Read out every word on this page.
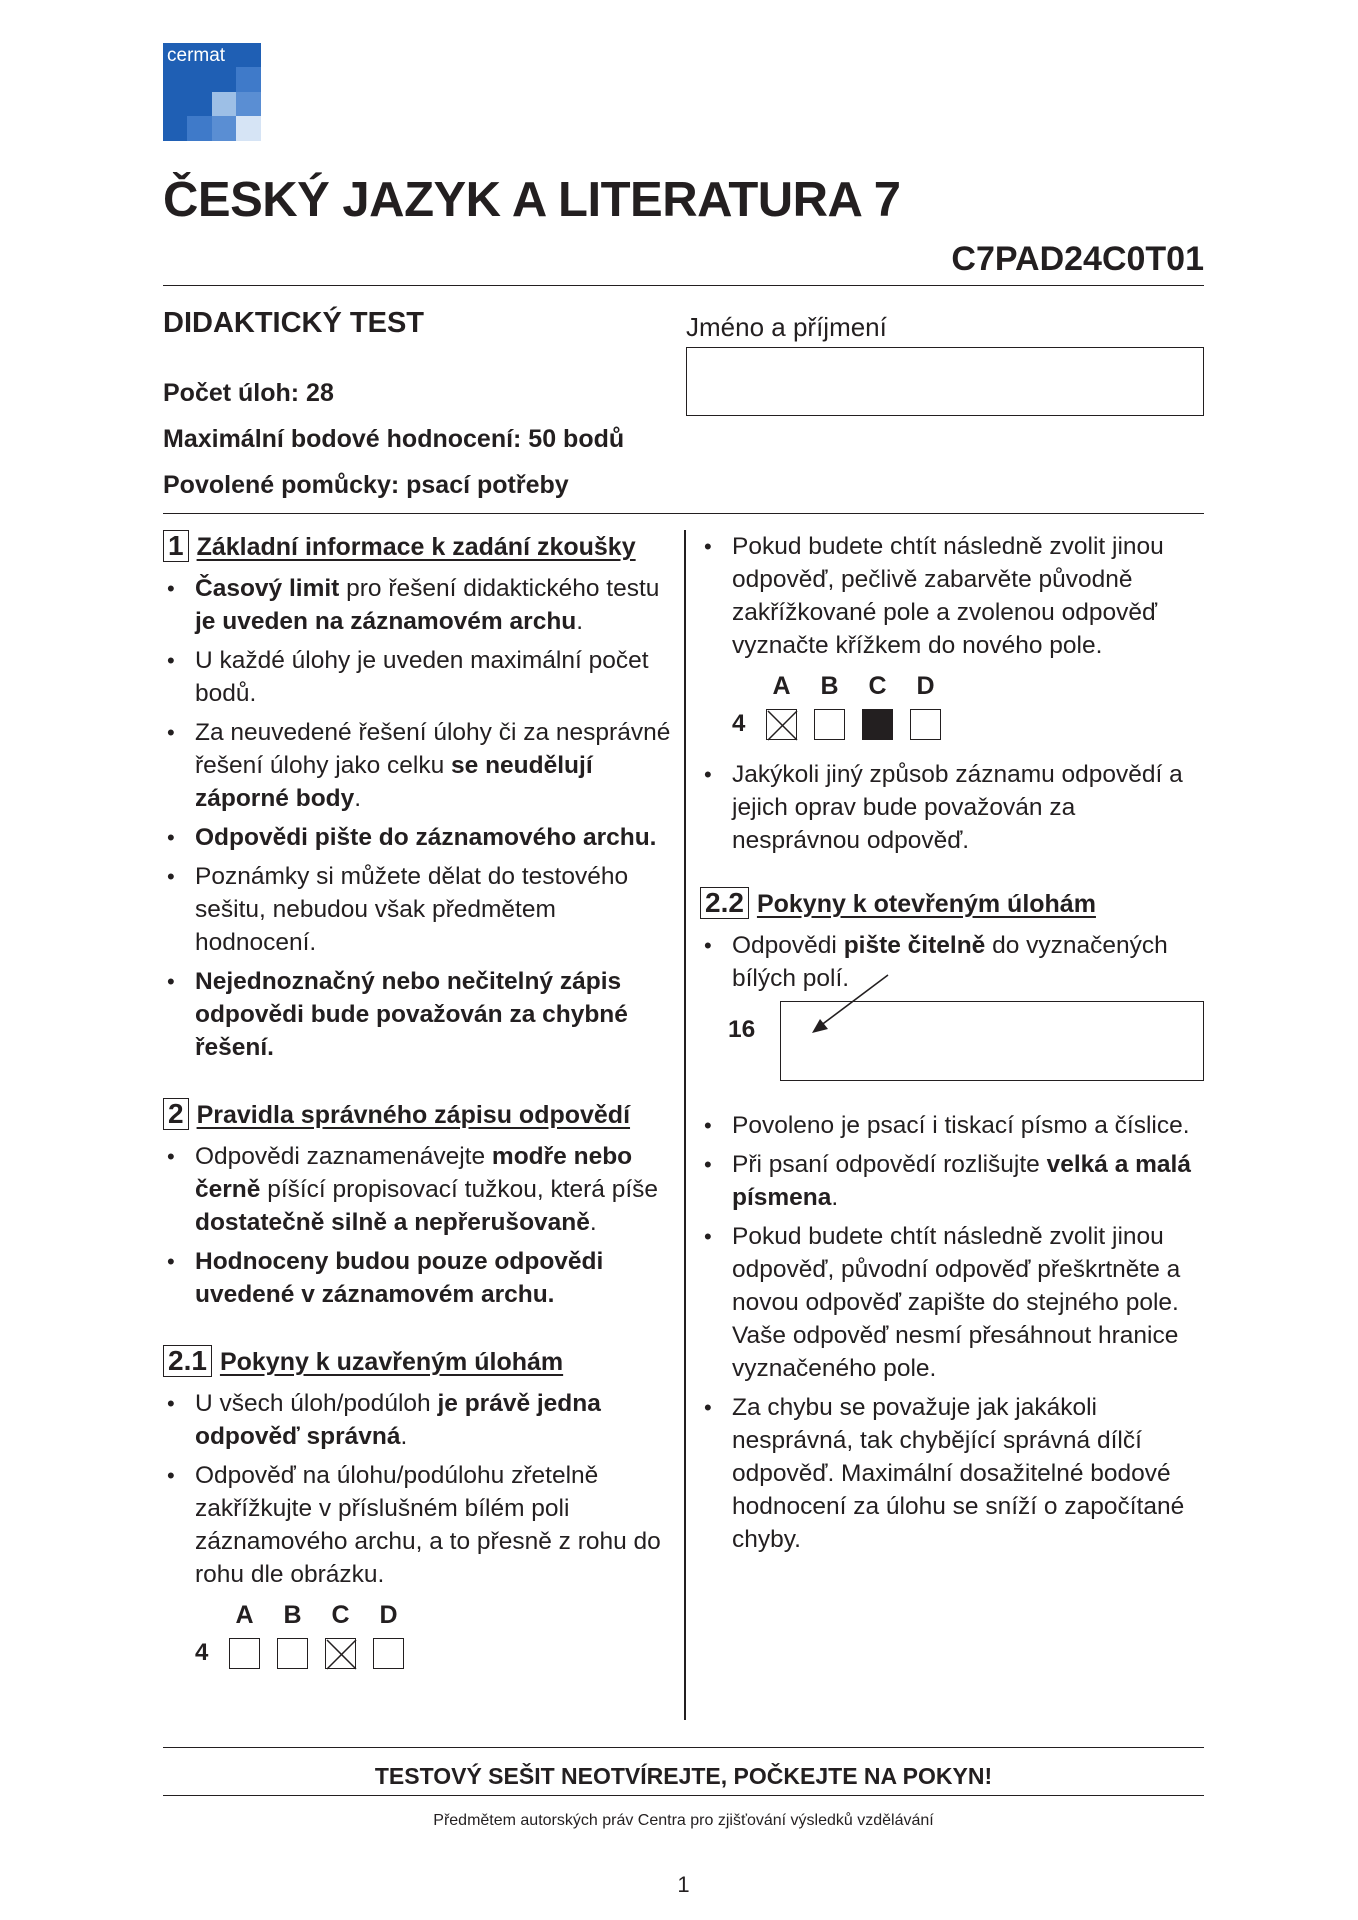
cermat
ČESKÝ JAZYK A LITERATURA 7
C7PAD24C0T01
DIDAKTICKÝ TEST
Počet úloh: 28
Maximální bodové hodnocení: 50 bodů
Povolené pomůcky: psací potřeby
Jméno a příjmení
1 Základní informace k zadání zkoušky
• Časový limit pro řešení didaktického testu je uveden na záznamovém archu.
• U každé úlohy je uveden maximální počet bodů.
• Za neuvedené řešení úlohy či za nesprávné řešení úlohy jako celku se neudělují záporné body.
• Odpovědi pište do záznamového archu.
• Poznámky si můžete dělat do testového sešitu, nebudou však předmětem hodnocení.
• Nejednoznačný nebo nečitelný zápis odpovědi bude považován za chybné řešení.
2 Pravidla správného zápisu odpovědí
• Odpovědi zaznamenávejte modře nebo černě píšící propisovací tužkou, která píše dostatečně silně a nepřerušovaně.
• Hodnoceny budou pouze odpovědi uvedené v záznamovém archu.
2.1 Pokyny k uzavřeným úlohám
• U všech úloh/podúloh je právě jedna odpověď správná.
• Odpověď na úlohu/podúlohu zřetelně zakřížkujte v příslušném bílém poli záznamového archu, a to přesně z rohu do rohu dle obrázku.
4
A B C D
• Pokud budete chtít následně zvolit jinou odpověď, pečlivě zabarvěte původně zakřížkované pole a zvolenou odpověď vyznačte křížkem do nového pole.
4
A B C D
• Jakýkoli jiný způsob záznamu odpovědí a jejich oprav bude považován za nesprávnou odpověď.
2.2 Pokyny k otevřeným úlohám
• Odpovědi pište čitelně do vyznačených bílých polí.
16
• Povoleno je psací i tiskací písmo a číslice.
• Při psaní odpovědí rozlišujte velká a malá písmena.
• Pokud budete chtít následně zvolit jinou odpověď, původní odpověď přeškrtněte a novou odpověď zapište do stejného pole. Vaše odpověď nesmí přesáhnout hranice vyznačeného pole.
• Za chybu se považuje jak jakákoli nesprávná, tak chybějící správná dílčí odpověď. Maximální dosažitelné bodové hodnocení za úlohu se sníží o započítané chyby.
TESTOVÝ SEŠIT NEOTVÍREJTE, POČKEJTE NA POKYN!
Předmětem autorských práv Centra pro zjišťování výsledků vzdělávání
1
